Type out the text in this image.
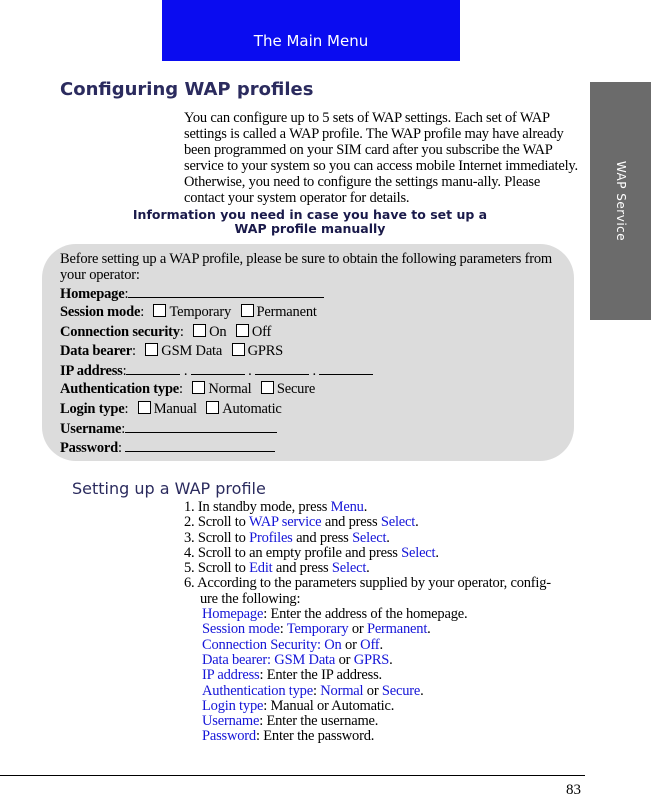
The Main Menu
WAP Service
Configuring WAP profiles

You can configure up to 5 sets of WAP settings. Each set of WAP settings is called a WAP profile. The WAP profile may have already been programmed on your SIM card after you subscribe the WAP service to your system so you can access mobile Internet immediately. Otherwise, you need to configure the settings manu-ally. Please contact your system operator for details.

Information you need in case you have to set up a WAP profile manually

Before setting up a WAP profile, please be sure to obtain the following parameters from your operator:

Homepage:
Session mode: Temporary Permanent
Connection security: On Off
Data bearer: GSM Data GPRS
IP address:	.	.	.
Authentication type: Normal Secure
Login type: Manual Automatic
Username:
Password:
Setting up a WAP profile
1. In standby mode, press Menu.
2. Scroll to WAP service and press Select.
3. Scroll to Profiles and press Select.
4. Scroll to an empty profile and press Select.
5. Scroll to Edit and press Select.
6. According to the parameters supplied by your operator, config-
ure the following:
Homepage: Enter the address of the homepage.
Session mode: Temporary or Permanent.
Connection Security: On or Off.
Data bearer: GSM Data or GPRS.
IP address: Enter the IP address.
Authentication type: Normal or Secure.
Login type: Manual or Automatic.
Username: Enter the username.
Password: Enter the password.
83
